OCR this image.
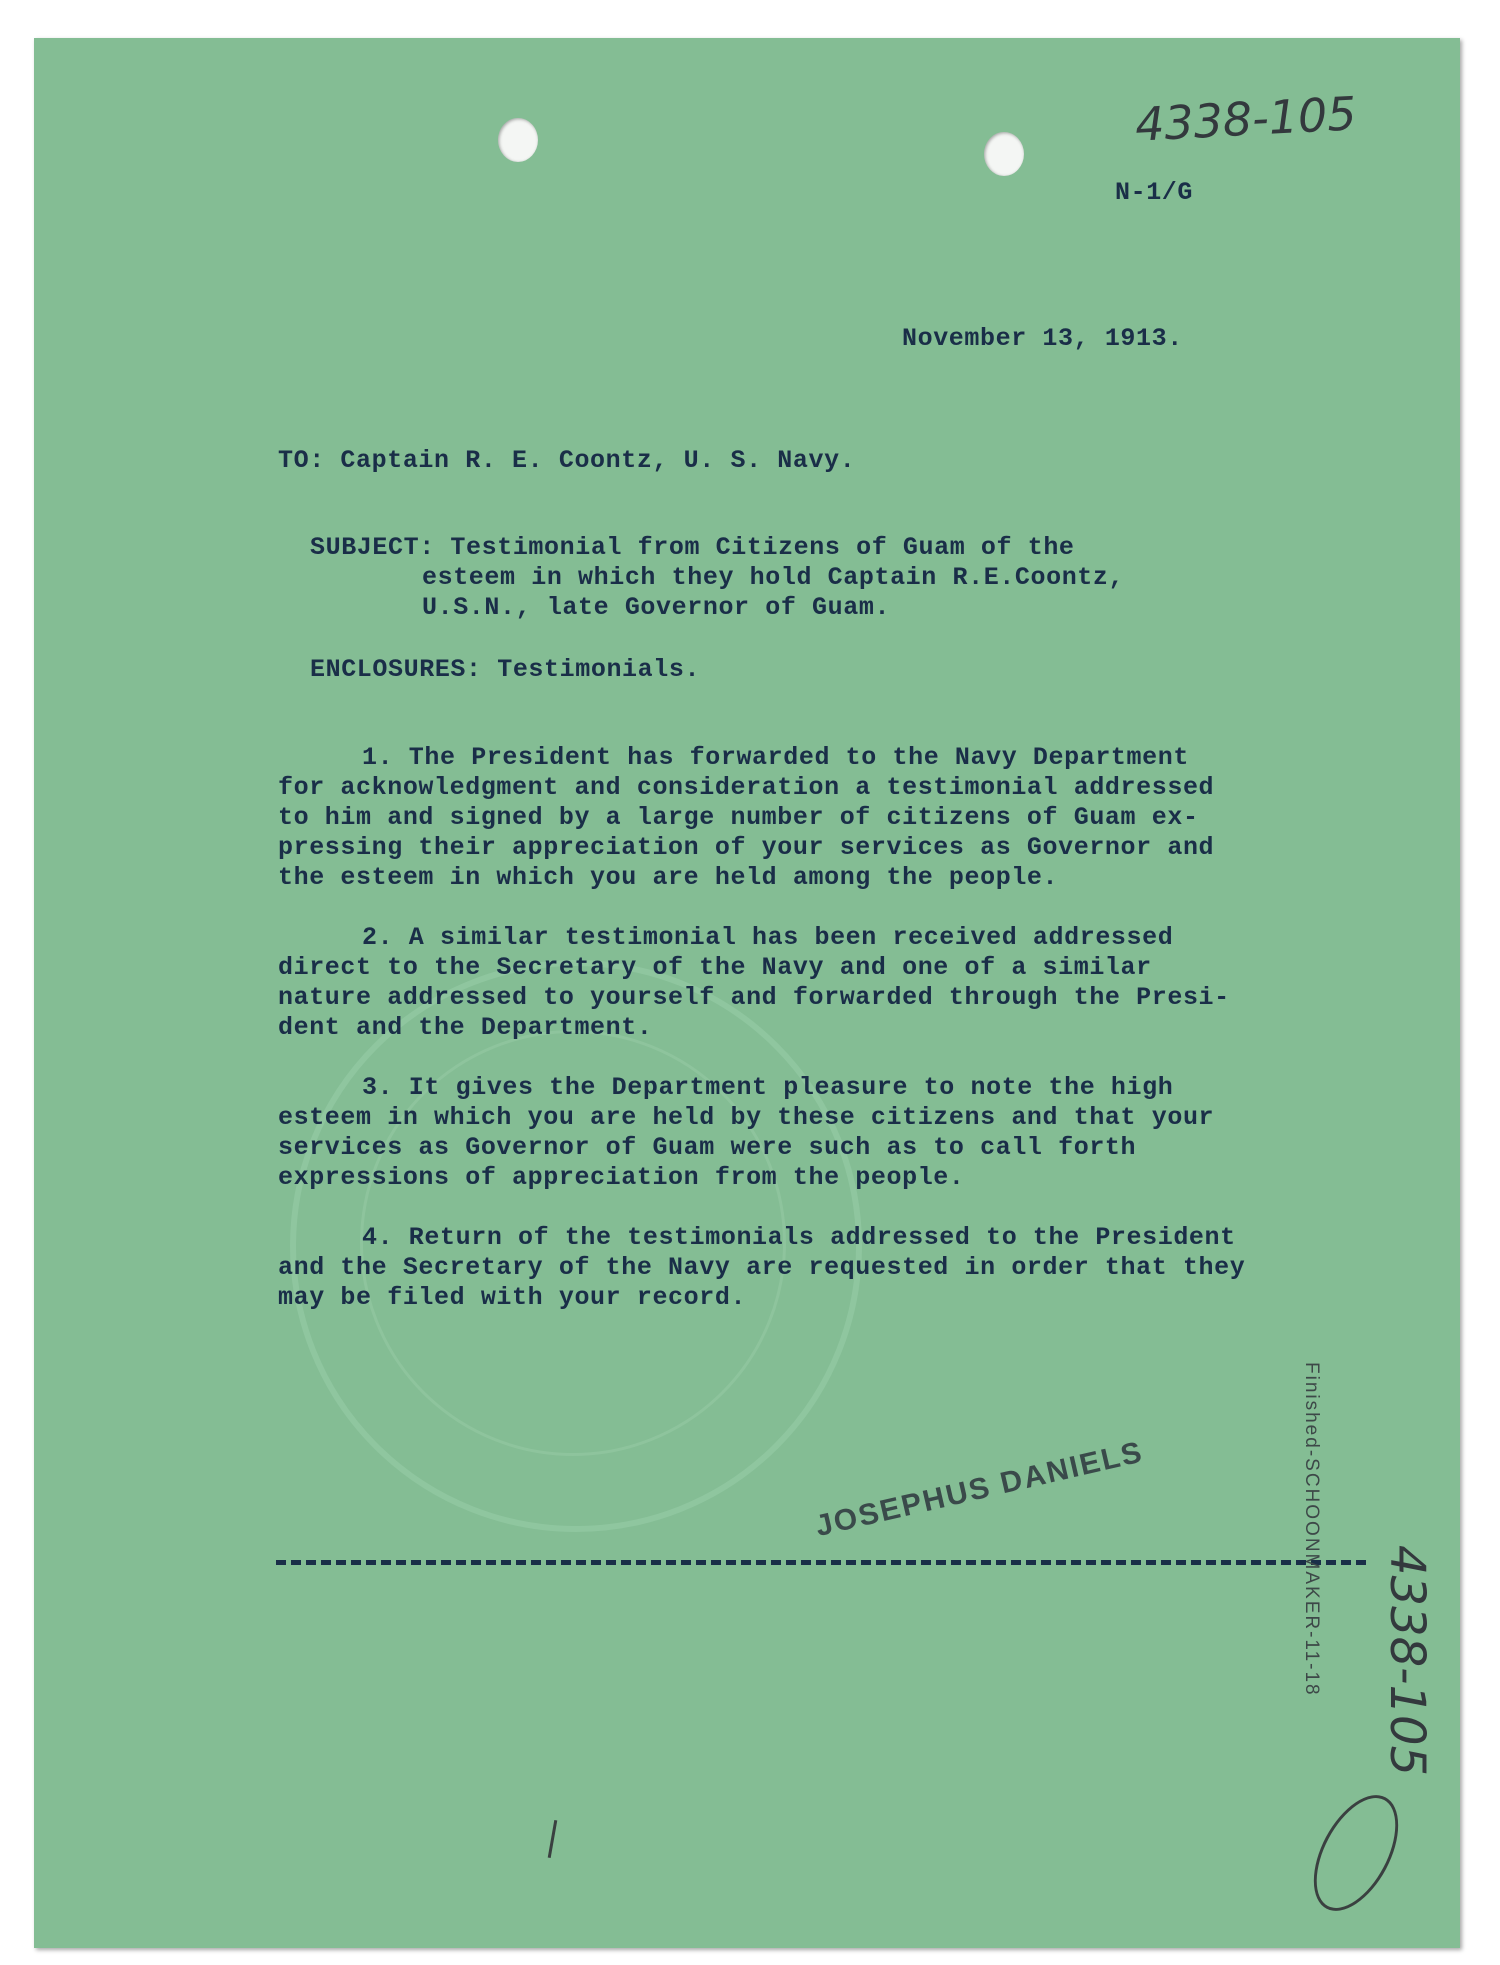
4338-105
N-1/G
November 13, 1913.
TO: Captain R. E. Coontz, U. S. Navy.
SUBJECT: Testimonial from Citizens of Guam of the
esteem in which they hold Captain R.E.Coontz,
U.S.N., late Governor of Guam.
ENCLOSURES: Testimonials.
1. The President has forwarded to the Navy Department
for acknowledgment and consideration a testimonial addressed
to him and signed by a large number of citizens of Guam ex-
pressing their appreciation of your services as Governor and
the esteem in which you are held among the people.
2. A similar testimonial has been received addressed
direct to the Secretary of the Navy and one of a similar
nature addressed to yourself and forwarded through the Presi-
dent and the Department.
3. It gives the Department pleasure to note the high
esteem in which you are held by these citizens and that your
services as Governor of Guam were such as to call forth
expressions of appreciation from the people.
4. Return of the testimonials addressed to the President
and the Secretary of the Navy are requested in order that they
may be filed with your record.
JOSEPHUS DANIELS	Finished-SCHOONMAKER-11-18 4338-105
